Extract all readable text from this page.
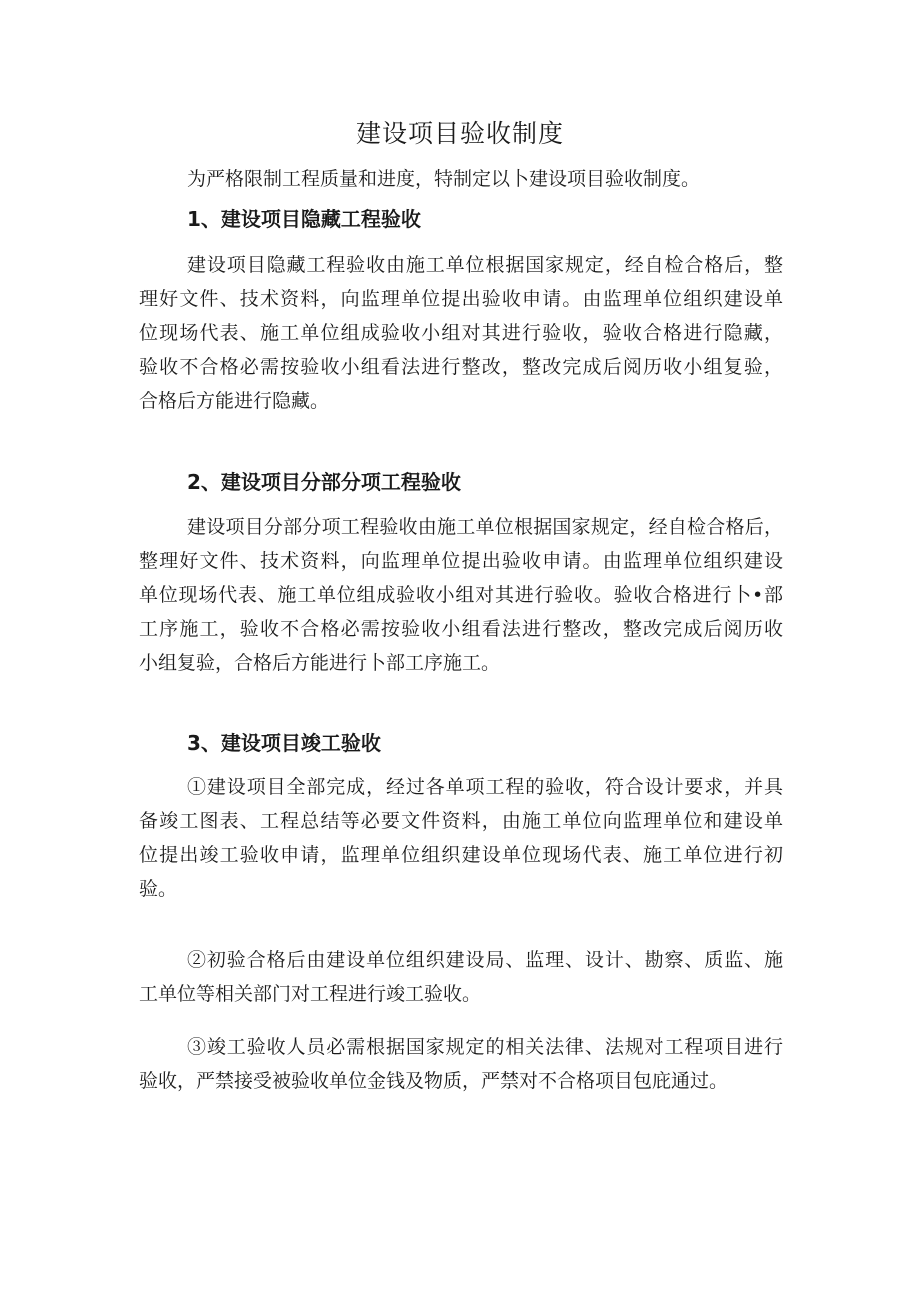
建设项目验收制度
为严格限制工程质量和进度，特制定以卜建设项目验收制度。
1、建设项目隐藏工程验收
建设项目隐藏工程验收由施工单位根据国家规定，经自检合格后，整
理好文件、技术资料，向监理单位提出验收申请。由监理单位组织建设单
位现场代表、施工单位组成验收小组对其进行验收，验收合格进行隐藏，
验收不合格必需按验收小组看法进行整改，整改完成后阅历收小组复验，
合格后方能进行隐藏。
2、建设项目分部分项工程验收
建设项目分部分项工程验收由施工单位根据国家规定，经自检合格后，
整理好文件、技术资料，向监理单位提出验收申请。由监理单位组织建设
单位现场代表、施工单位组成验收小组对其进行验收。验收合格进行卜•部
工序施工，验收不合格必需按验收小组看法进行整改，整改完成后阅历收
小组复验，合格后方能进行卜部工序施工。
3、建设项目竣工验收
①建设项目全部完成，经过各单项工程的验收，符合设计要求，并具
备竣工图表、工程总结等必要文件资料，由施工单位向监理单位和建设单
位提出竣工验收申请，监理单位组织建设单位现场代表、施工单位进行初
验。
②初验合格后由建设单位组织建设局、监理、设计、勘察、质监、施
工单位等相关部门对工程进行竣工验收。
③竣工验收人员必需根据国家规定的相关法律、法规对工程项目进行
验收，严禁接受被验收单位金钱及物质，严禁对不合格项目包庇通过。
